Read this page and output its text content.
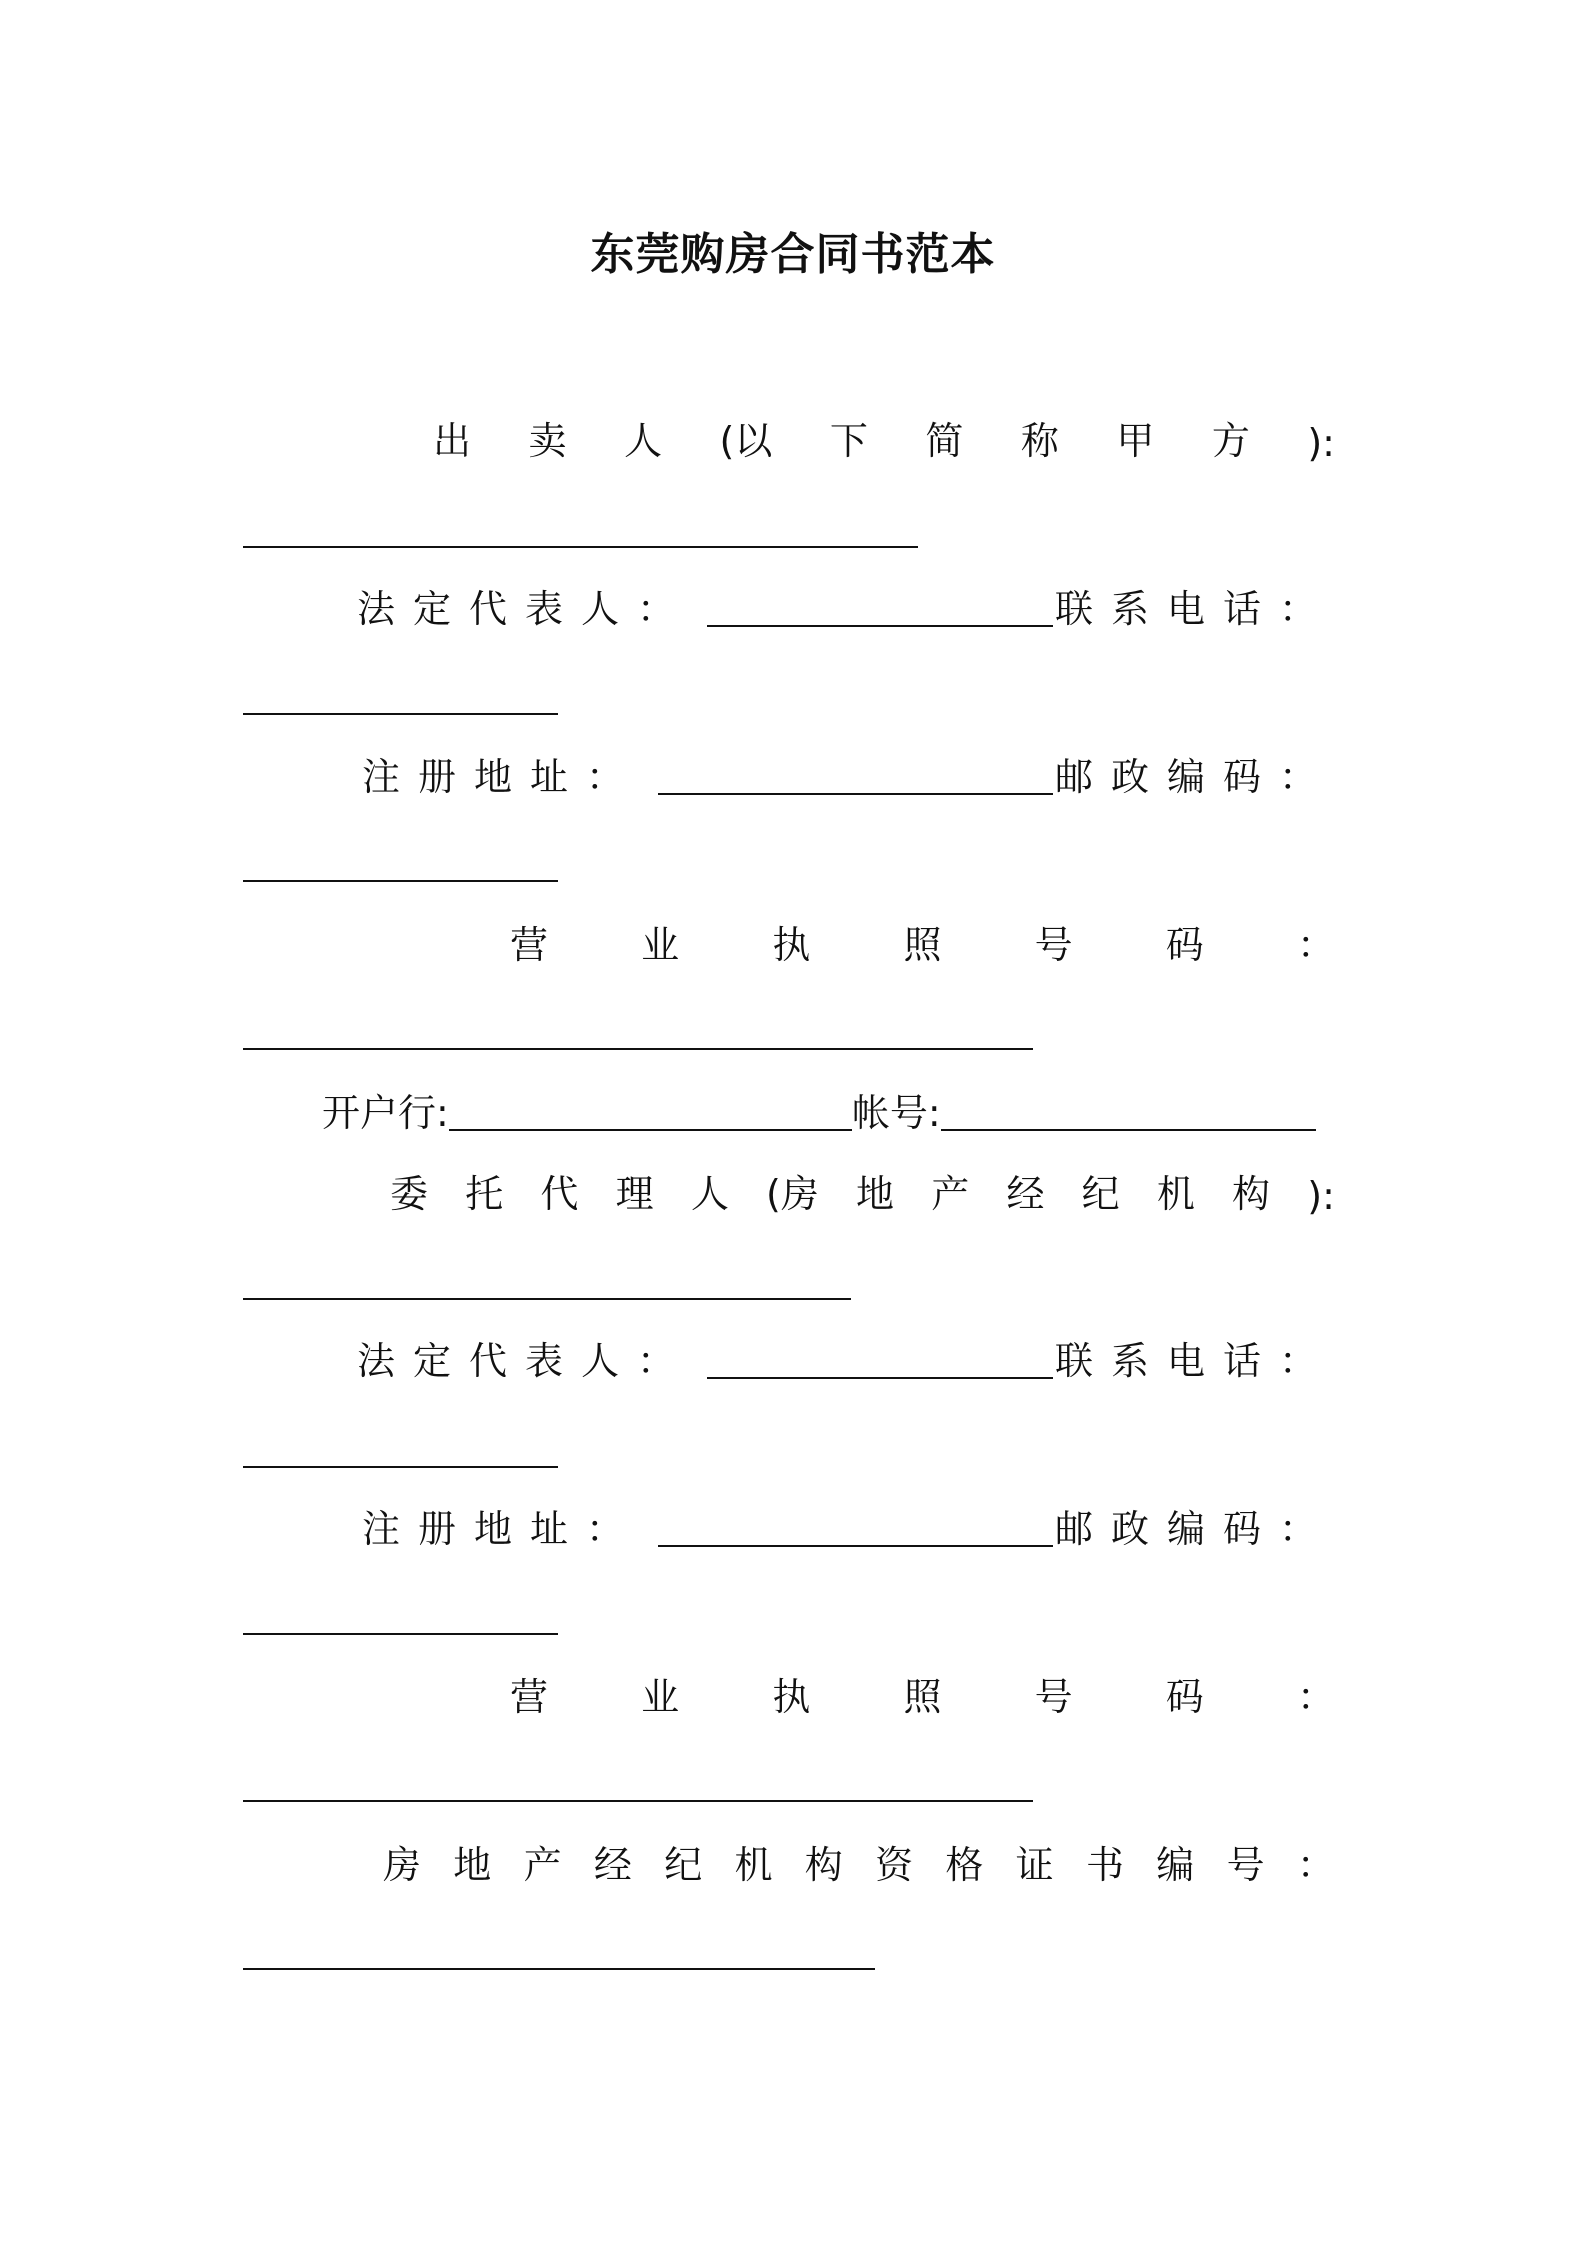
东莞购房合同书范本
出 卖 人 (以 下 简 称 甲 方 ):
法定代表人：	联系电话：
注册地址：	邮政编码：
营 业 执 照 号 码 ：
开户行:	帐号:
委 托 代 理 人 (房 地 产 经 纪 机 构 ):
法定代表人：	联系电话：
注册地址：	邮政编码：
营 业 执 照 号 码 ：
房 地 产 经 纪 机 构 资 格 证 书 编 号 ：
